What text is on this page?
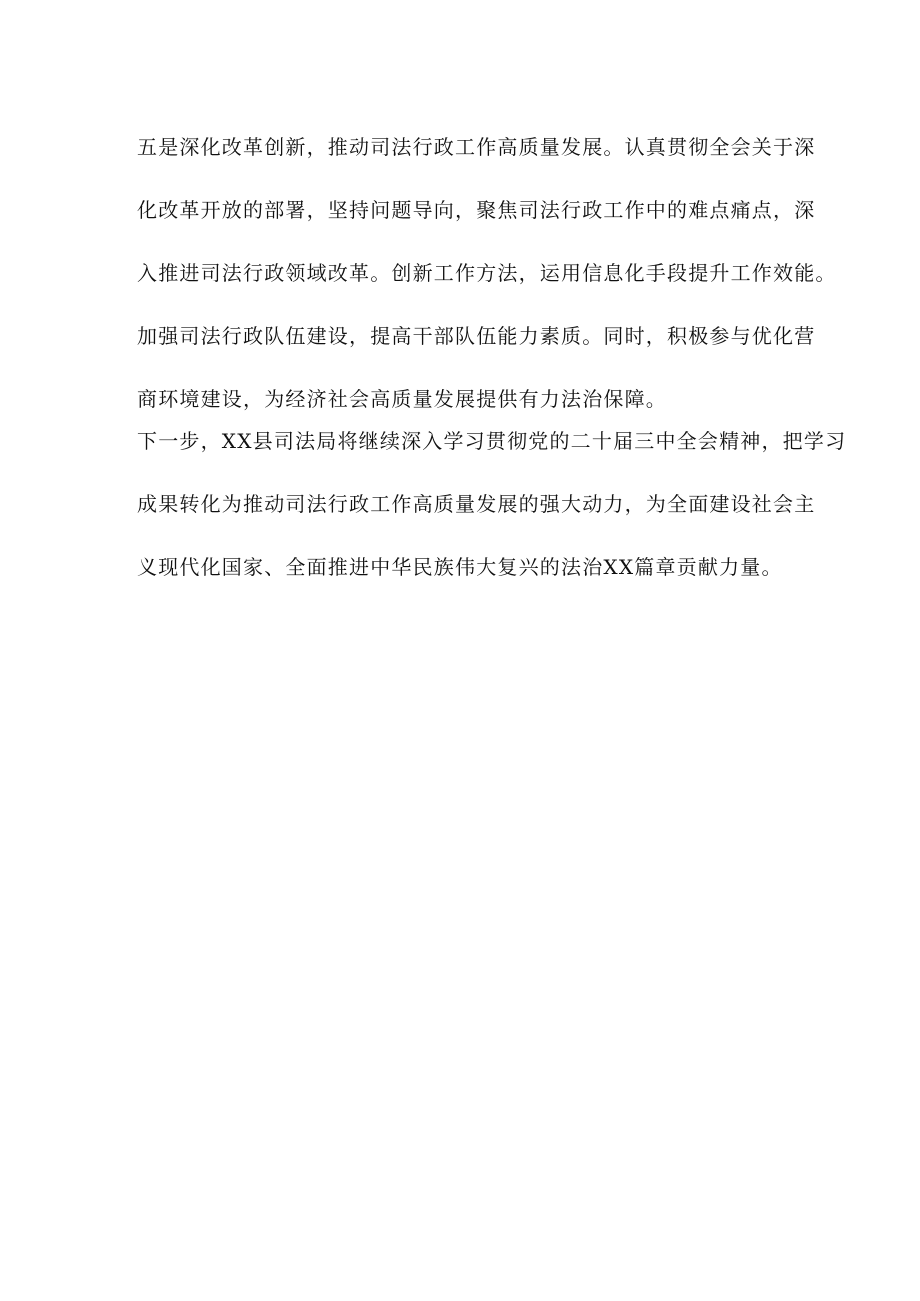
五是深化改革创新，推动司法行政工作高质量发展。认真贯彻全会关于深
化改革开放的部署，坚持问题导向，聚焦司法行政工作中的难点痛点，深
入推进司法行政领域改革。创新工作方法，运用信息化手段提升工作效能。
加强司法行政队伍建设，提高干部队伍能力素质。同时，积极参与优化营
商环境建设，为经济社会高质量发展提供有力法治保障。
下一步，XX县司法局将继续深入学习贯彻党的二十届三中全会精神，把学习
成果转化为推动司法行政工作高质量发展的强大动力，为全面建设社会主
义现代化国家、全面推进中华民族伟大复兴的法治XX篇章贡献力量。
